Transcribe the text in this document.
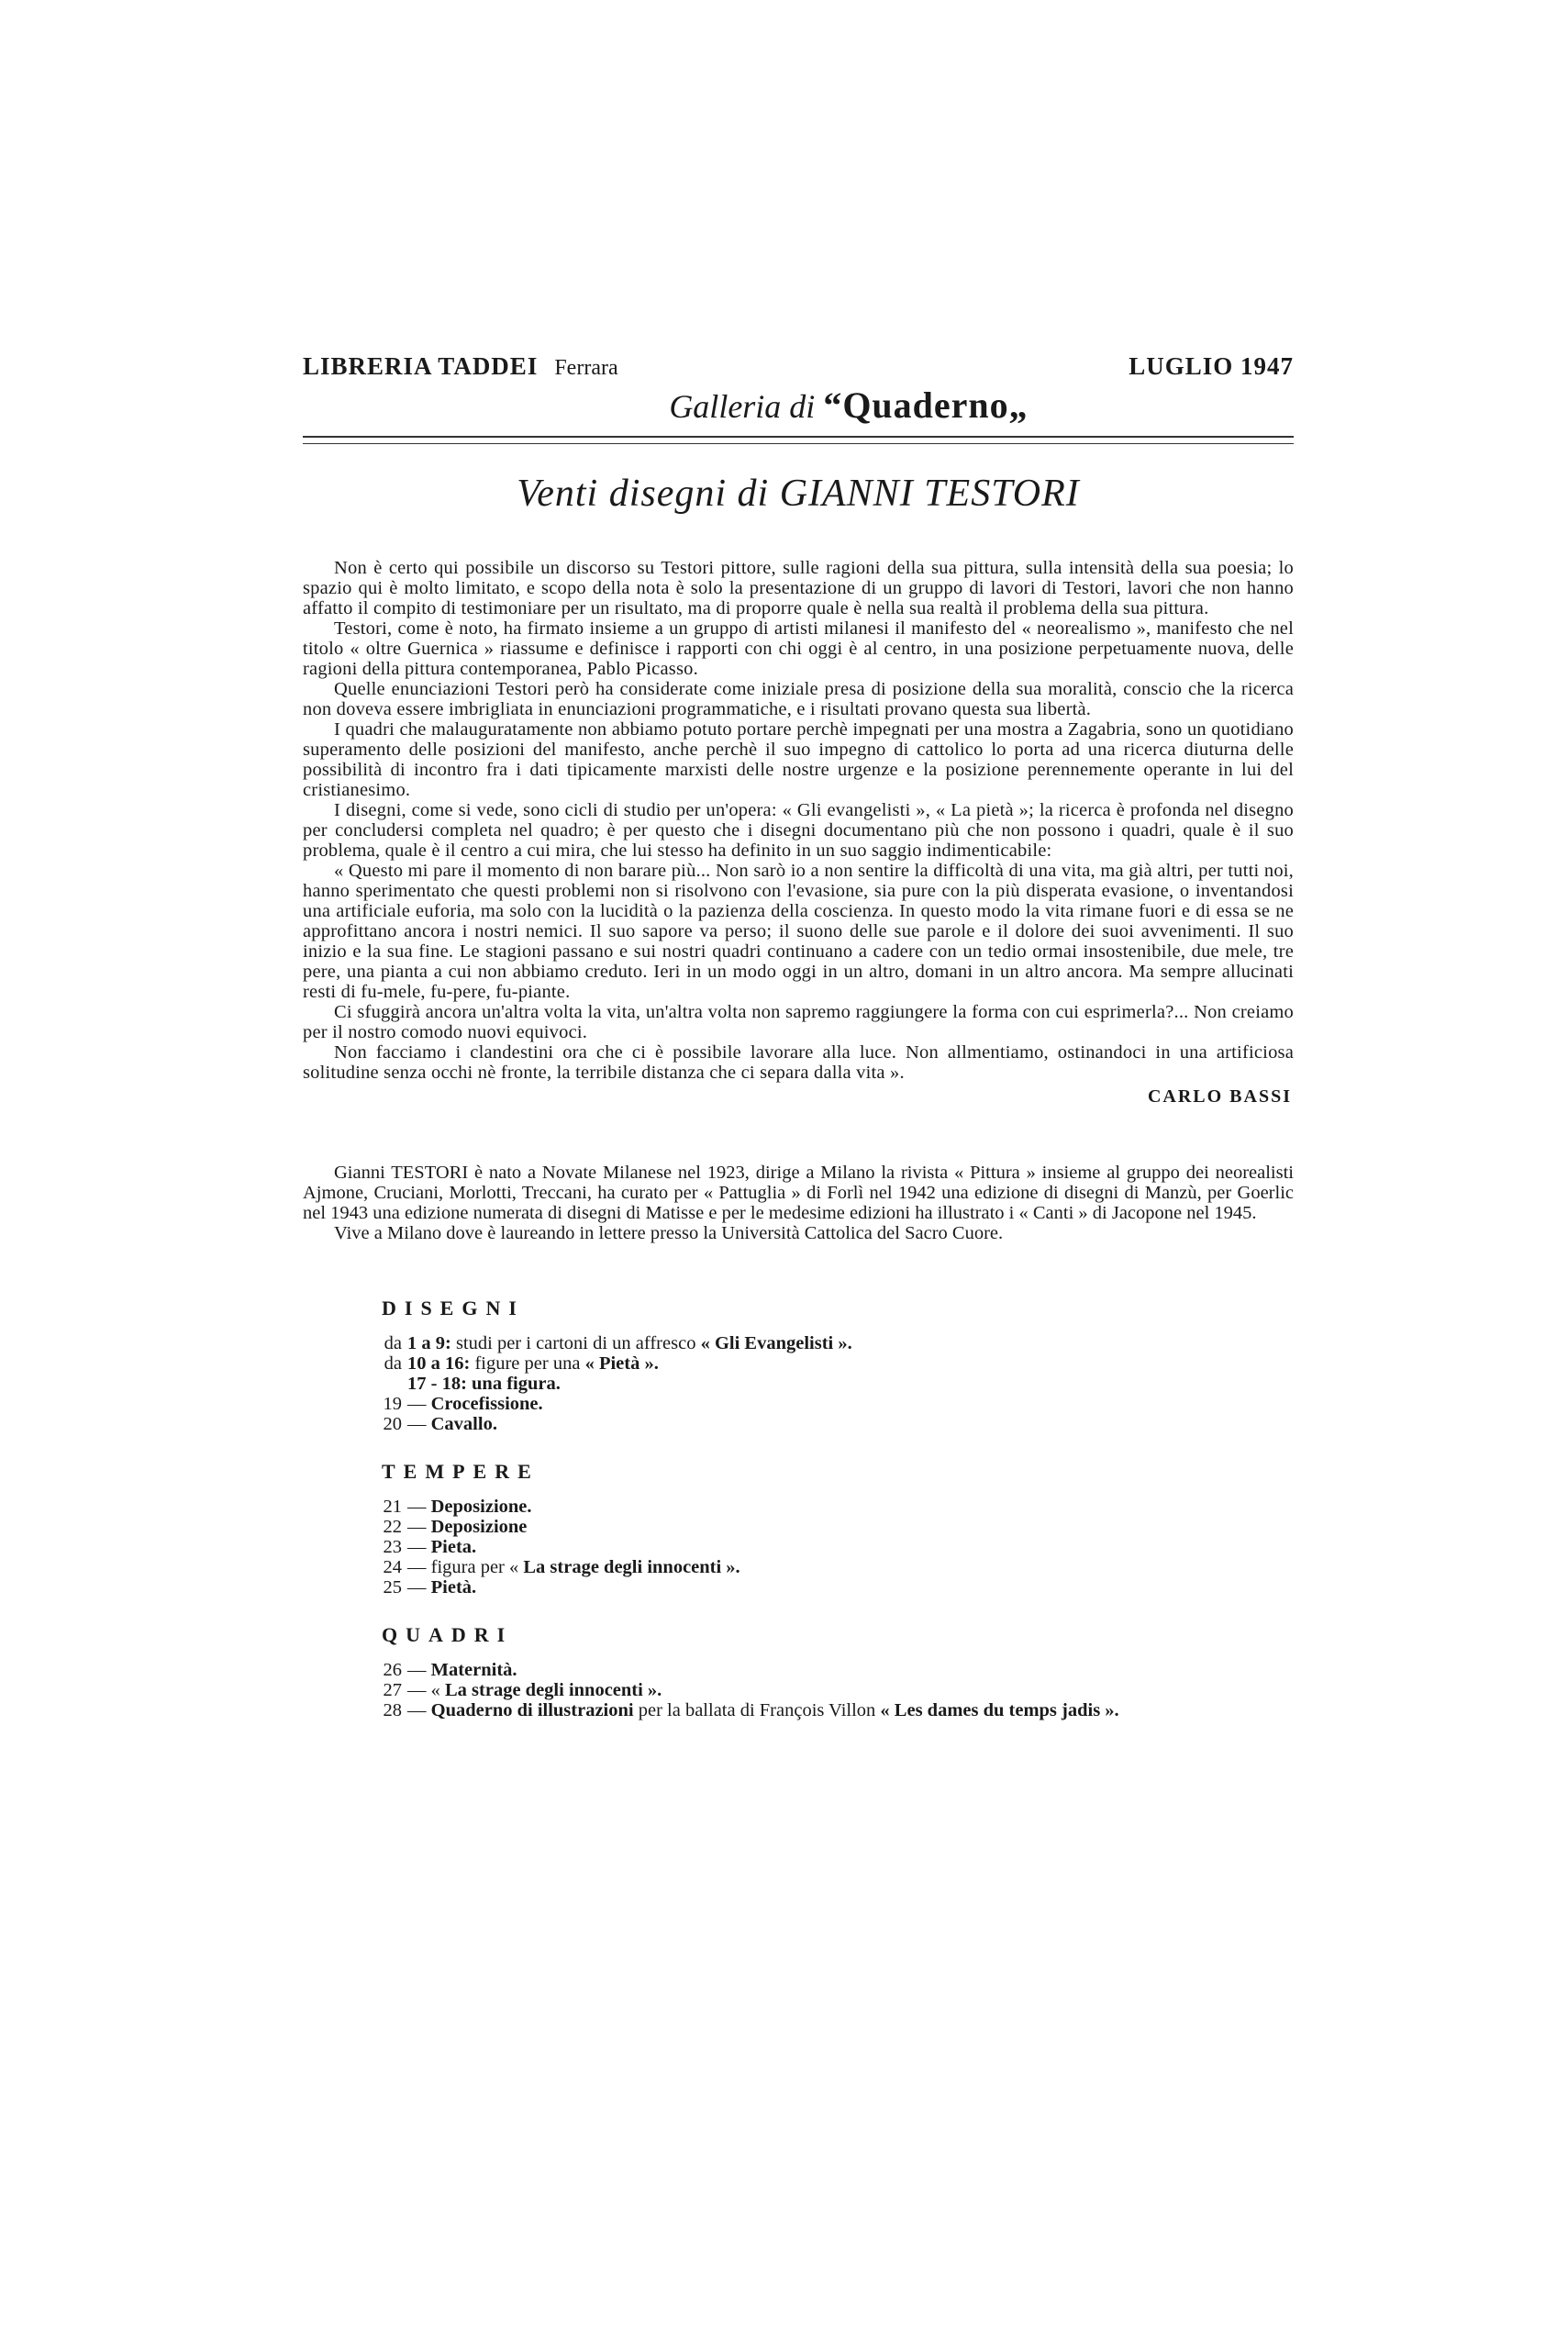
LIBRERIA TADDEI Ferrara	LUGLIO 1947
Galleria di “Quaderno„
Venti disegni di GIANNI TESTORI

Non è certo qui possibile un discorso su Testori pittore, sulle ragioni della sua pittura, sulla intensità della sua poesia; lo spazio qui è molto limitato, e scopo della nota è solo la presentazione di un gruppo di lavori di Testori, lavori che non hanno affatto il compito di testimoniare per un risultato, ma di proporre quale è nella sua realtà il problema della sua pittura.

Testori, come è noto, ha firmato insieme a un gruppo di artisti milanesi il manifesto del « neorealismo », manifesto che nel titolo « oltre Guernica » riassume e definisce i rapporti con chi oggi è al centro, in una posizione perpetuamente nuova, delle ragioni della pittura contemporanea, Pablo Picasso.

Quelle enunciazioni Testori però ha considerate come iniziale presa di posizione della sua moralità, conscio che la ricerca non doveva essere imbrigliata in enunciazioni programmatiche, e i risultati provano questa sua libertà.

I quadri che malauguratamente non abbiamo potuto portare perchè impegnati per una mostra a Zagabria, sono un quotidiano superamento delle posizioni del manifesto, anche perchè il suo impegno di cattolico lo porta ad una ricerca diuturna delle possibilità di incontro fra i dati tipicamente marxisti delle nostre urgenze e la posizione perennemente operante in lui del cristianesimo.

I disegni, come si vede, sono cicli di studio per un'opera: « Gli evangelisti », « La pietà »; la ricerca è profonda nel disegno per concludersi completa nel quadro; è per questo che i disegni documentano più che non possono i quadri, quale è il suo problema, quale è il centro a cui mira, che lui stesso ha definito in un suo saggio indimenticabile:

« Questo mi pare il momento di non barare più... Non sarò io a non sentire la difficoltà di una vita, ma già altri, per tutti noi, hanno sperimentato che questi problemi non si risolvono con l'evasione, sia pure con la più disperata evasione, o inventandosi una artificiale euforia, ma solo con la lucidità o la pazienza della coscienza. In questo modo la vita rimane fuori e di essa se ne approfittano ancora i nostri nemici. Il suo sapore va perso; il suono delle sue parole e il dolore dei suoi avvenimenti. Il suo inizio e la sua fine. Le stagioni passano e sui nostri quadri continuano a cadere con un tedio ormai insostenibile, due mele, tre pere, una pianta a cui non abbiamo creduto. Ieri in un modo oggi in un altro, domani in un altro ancora. Ma sempre allucinati resti di fu-mele, fu-pere, fu-piante.

Ci sfuggirà ancora un'altra volta la vita, un'altra volta non sapremo raggiungere la forma con cui esprimerla?... Non creiamo per il nostro comodo nuovi equivoci.

Non facciamo i clandestini ora che ci è possibile lavorare alla luce. Non allmentiamo, ostinandoci in una artificiosa solitudine senza occhi nè fronte, la terribile distanza che ci separa dalla vita ».

CARLO BASSI

Gianni TESTORI è nato a Novate Milanese nel 1923, dirige a Milano la rivista « Pittura » insieme al gruppo dei neorealisti Ajmone, Cruciani, Morlotti, Treccani, ha curato per « Pattuglia » di Forlì nel 1942 una edizione di disegni di Manzù, per Goerlic nel 1943 una edizione numerata di disegni di Matisse e per le medesime edizioni ha illustrato i « Canti » di Jacopone nel 1945.

Vive a Milano dove è laureando in lettere presso la Università Cattolica del Sacro Cuore.

DISEGNI
da 1 a 9: studi per i cartoni di un affresco « Gli Evangelisti ».
da 10 a 16: figure per una « Pietà ».
17 - 18: una figura.
19 — Crocefissione.
20 — Cavallo.
TEMPERE
21 — Deposizione.
22 — Deposizione
23 — Pieta.
24 — figura per « La strage degli innocenti ».
25 — Pietà.
QUADRI
26 — Maternità.
27 — « La strage degli innocenti ».
28 — Quaderno di illustrazioni per la ballata di François Villon « Les dames du temps jadis ».
